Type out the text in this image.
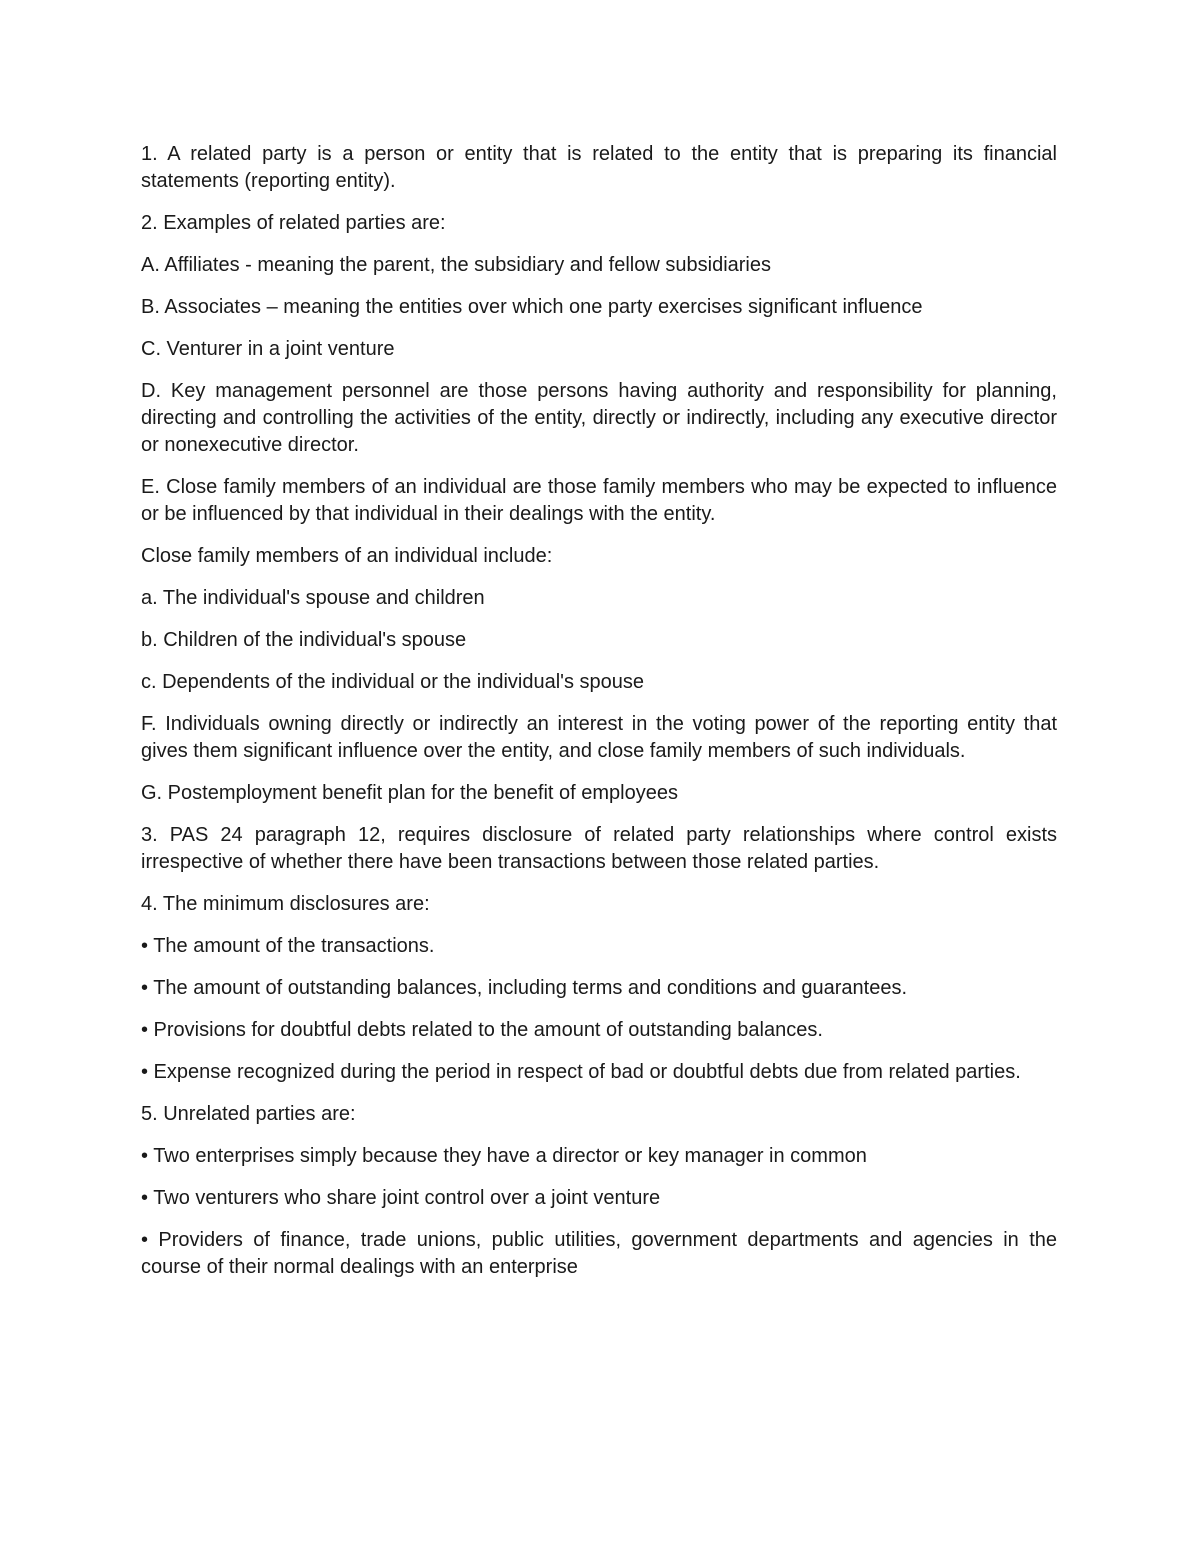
1. A related party is a person or entity that is related to the entity that is preparing its financial statements (reporting entity).

2. Examples of related parties are:

A. Affiliates - meaning the parent, the subsidiary and fellow subsidiaries

B. Associates – meaning the entities over which one party exercises significant influence

C. Venturer in a joint venture

D. Key management personnel are those persons having authority and responsibility for planning, directing and controlling the activities of the entity, directly or indirectly, including any executive director or nonexecutive director.

E. Close family members of an individual are those family members who may be expected to influence or be influenced by that individual in their dealings with the entity.

Close family members of an individual include:

a. The individual's spouse and children

b. Children of the individual's spouse

c. Dependents of the individual or the individual's spouse

F. Individuals owning directly or indirectly an interest in the voting power of the reporting entity that gives them significant influence over the entity, and close family members of such individuals.

G. Postemployment benefit plan for the benefit of employees

3. PAS 24 paragraph 12, requires disclosure of related party relationships where control exists irrespective of whether there have been transactions between those related parties.

4. The minimum disclosures are:

• The amount of the transactions.

• The amount of outstanding balances, including terms and conditions and guarantees.

• Provisions for doubtful debts related to the amount of outstanding balances.

• Expense recognized during the period in respect of bad or doubtful debts due from related parties.

5. Unrelated parties are:

• Two enterprises simply because they have a director or key manager in common

• Two venturers who share joint control over a joint venture

• Providers of finance, trade unions, public utilities, government departments and agencies in the course of their normal dealings with an enterprise
